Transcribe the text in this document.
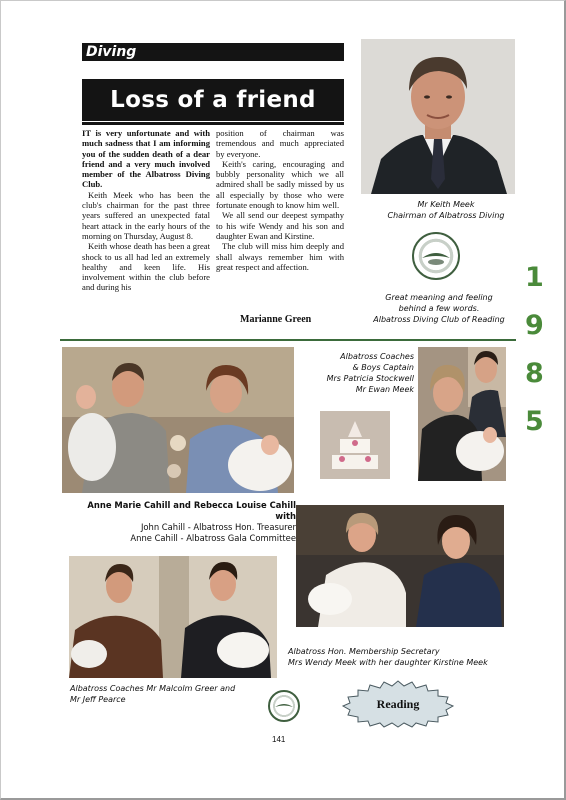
Diving
Loss of a friend

IT is very unfortunate and with much sadness that I am informing you of the sudden death of a dear friend and a very much involved member of the Albatross Diving Club.

Keith Meek who has been the club's chairman for the past three years suffered an unexpected fatal heart attack in the early hours of the morning on Thursday, August 8.

Keith whose death has been a great shock to us all had led an extremely healthy and keen life. His involvement within the club before and during his

position of chairman was tremendous and much appreciated by everyone.

Keith's caring, encouraging and bubbly personality which we all admired shall be sadly missed by us all especially by those who were fortunate enough to know him well.

We all send our deepest sympathy to his wife Wendy and his son and daughter Ewan and Kirstine.

The club will miss him deeply and shall always remember him with great respect and affection.

Marianne Green
Mr Keith Meek
Chairman of Albatross Diving
Great meaning and feeling
behind a few words.
Albatross Diving Club of Reading
1
9
8
5
Anne Marie Cahill and Rebecca Louise Cahill with
John Cahill - Albatross Hon. Treasurer
Anne Cahill - Albatross Gala Committee
Albatross Coaches
& Boys Captain
Mrs Patricia Stockwell
Mr Ewan Meek
Albatross Coaches Mr Malcolm Greer and
Mr Jeff Pearce
Albatross Hon. Membership Secretary
Mrs Wendy Meek with her daughter Kirstine Meek
Reading
141
